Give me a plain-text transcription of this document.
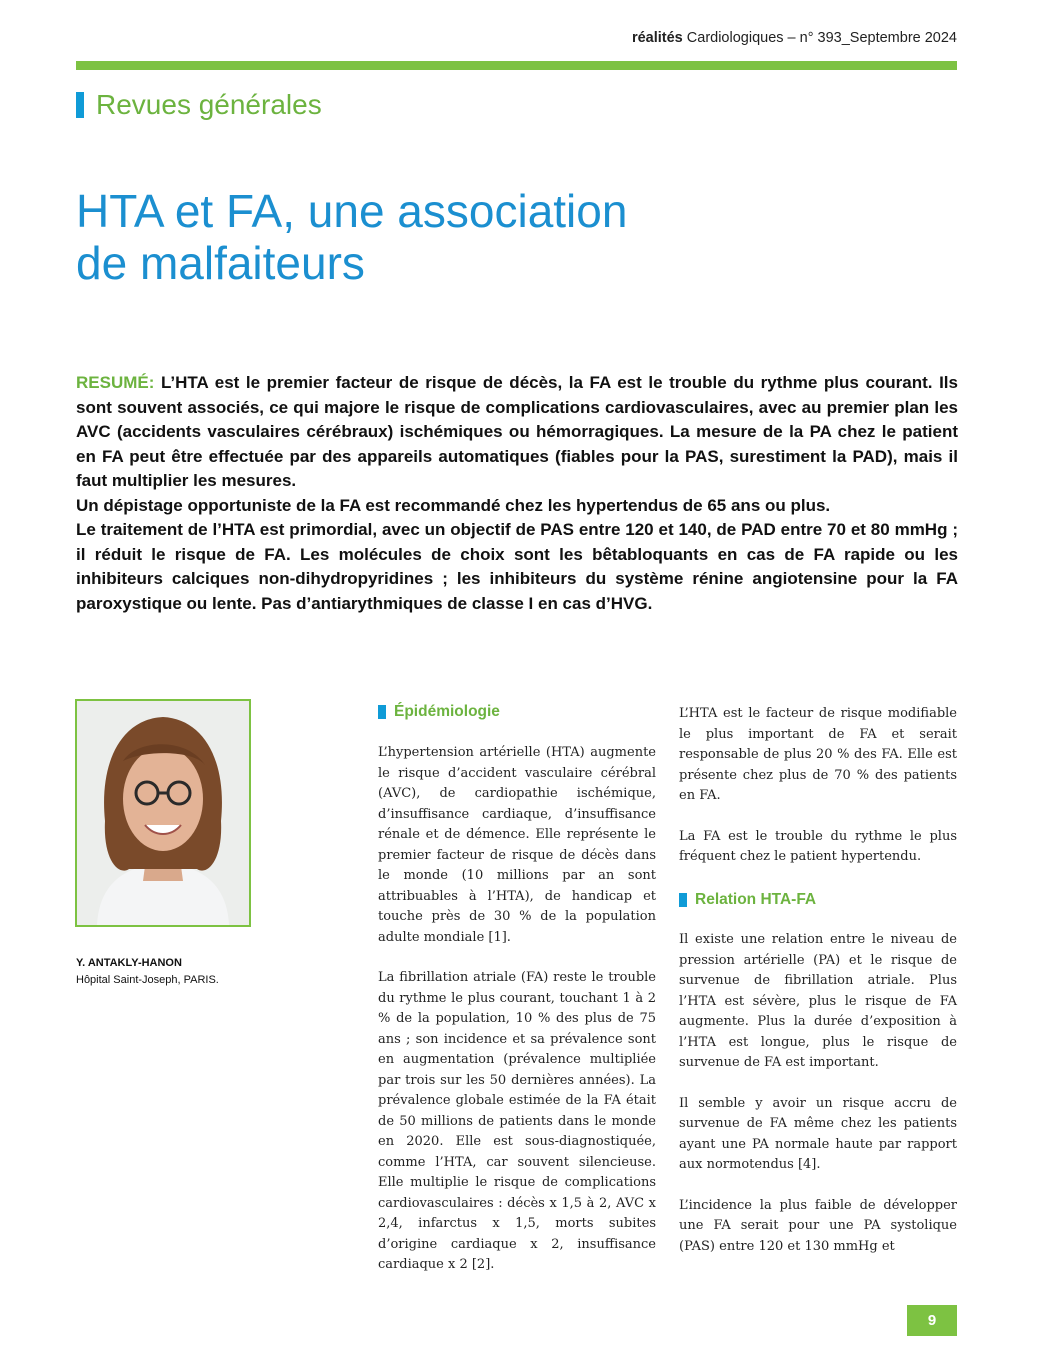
réalités Cardiologiques – n° 393_Septembre 2024
Revues générales
HTA et FA, une association
de malfaiteurs

RESUMÉ: L’HTA est le premier facteur de risque de décès, la FA est le trouble du rythme plus courant. Ils sont souvent associés, ce qui majore le risque de complications cardiovasculaires, avec au premier plan les AVC (accidents vasculaires cérébraux) ischémiques ou hémorragiques. La mesure de la PA chez le patient en FA peut être effectuée par des appareils automatiques (fiables pour la PAS, surestiment la PAD), mais il faut multiplier les mesures.

Un dépistage opportuniste de la FA est recommandé chez les hypertendus de 65 ans ou plus.

Le traitement de l’HTA est primordial, avec un objectif de PAS entre 120 et 140, de PAD entre 70 et 80 mmHg ; il réduit le risque de FA. Les molécules de choix sont les bêtabloquants en cas de FA rapide ou les inhibiteurs calciques non-dihydropyridines ; les inhibiteurs du système rénine angiotensine pour la FA paroxystique ou lente. Pas d’antiarythmiques de classe I en cas d’HVG.

Y. ANTAKLY-HANON
Hôpital Saint-Joseph, PARIS.
Épidémiologie

L’hypertension artérielle (HTA) augmente le risque d’accident vasculaire cérébral (AVC), de cardiopathie ischémique, d’insuffisance cardiaque, d’insuffisance rénale et de démence. Elle représente le premier facteur de risque de décès dans le monde (10 millions par an sont attribuables à l’HTA), de handicap et touche près de 30 % de la population adulte mondiale [1].

La fibrillation atriale (FA) reste le trouble du rythme le plus courant, touchant 1 à 2 % de la population, 10 % des plus de 75 ans ; son incidence et sa prévalence sont en augmentation (prévalence multipliée par trois sur les 50 dernières années). La prévalence globale estimée de la FA était de 50 millions de patients dans le monde en 2020. Elle est sous-diagnostiquée, comme l’HTA, car souvent silencieuse. Elle multiplie le risque de complications cardiovasculaires : décès x 1,5 à 2, AVC x 2,4, infarctus x 1,5, morts subites d’origine cardiaque x 2, insuffisance cardiaque x 2 [2].

L’HTA est le facteur de risque modifiable le plus important de FA et serait responsable de plus 20 % des FA. Elle est présente chez plus de 70 % des patients en FA.

La FA est le trouble du rythme le plus fréquent chez le patient hypertendu.

Relation HTA-FA

Il existe une relation entre le niveau de pression artérielle (PA) et le risque de survenue de fibrillation atriale. Plus l’HTA est sévère, plus le risque de FA augmente. Plus la durée d’exposition à l’HTA est longue, plus le risque de survenue de FA est important.

Il semble y avoir un risque accru de survenue de FA même chez les patients ayant une PA normale haute par rapport aux normotendus [4].

L’incidence la plus faible de développer une FA serait pour une PA systolique (PAS) entre 120 et 130 mmHg et

9
